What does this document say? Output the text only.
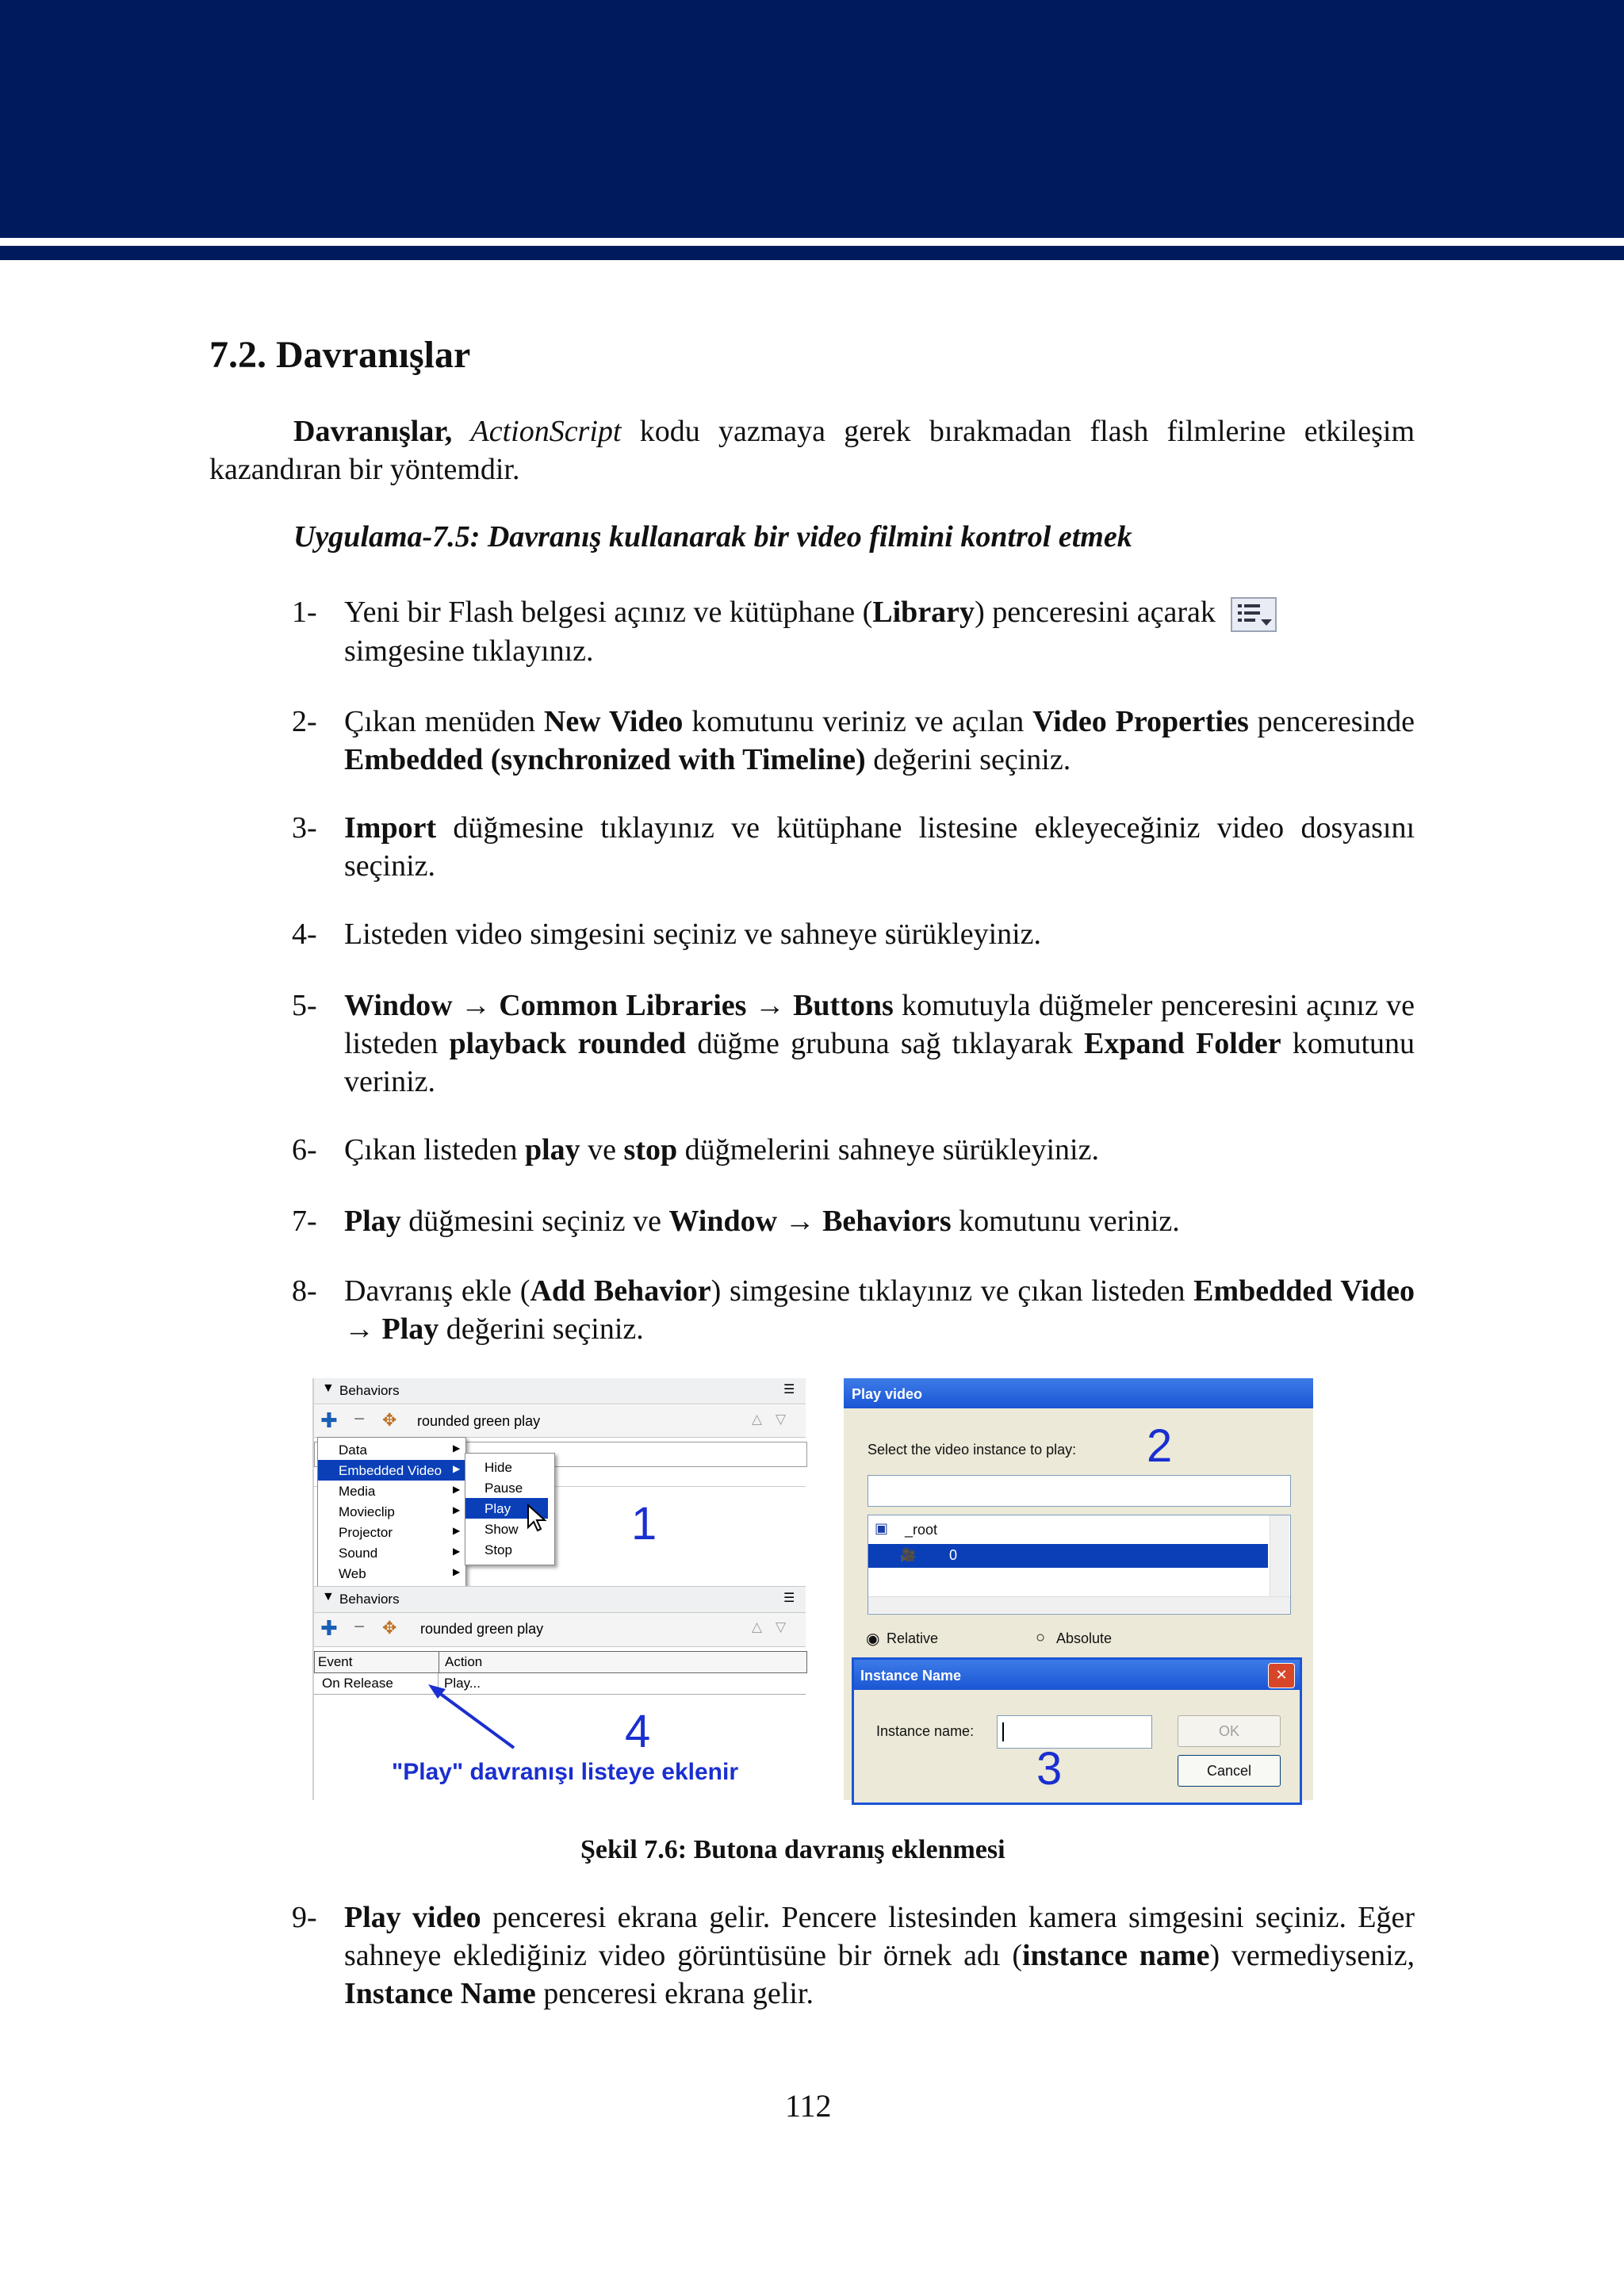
7.2. Davranışlar

Davranışlar, ActionScript kodu yazmaya gerek bırakmadan flash filmlerine etkileşim kazandıran bir yöntemdir.

Uygulama-7.5: Davranış kullanarak bir video filmini kontrol etmek

1- Yeni bir Flash belgesi açınız ve kütüphane (Library) penceresini açarak
simgesine tıklayınız.
2- Çıkan menüden New Video komutunu veriniz ve açılan Video Properties penceresinde Embedded (synchronized with Timeline) değerini seçiniz.
3- Import düğmesine tıklayınız ve kütüphane listesine ekleyeceğiniz video dosyasını seçiniz.
4- Listeden video simgesini seçiniz ve sahneye sürükleyiniz.
5- Window → Common Libraries → Buttons komutuyla düğmeler penceresini açınız ve listeden playback rounded düğme grubuna sağ tıklayarak Expand Folder komutunu veriniz.
6- Çıkan listeden play ve stop düğmelerini sahneye sürükleyiniz.
7- Play düğmesini seçiniz ve Window → Behaviors komutunu veriniz.
8- Davranış ekle (Add Behavior) simgesine tıklayınız ve çıkan listeden Embedded Video → Play değerini seçiniz.
▼ Behaviors	☰
✚ − ✥ rounded green play	△ ▽
Data	▶
Embedded Video ▶
Media	▶
Movieclip	▶
Projector	▶
Sound	▶
Web	▶
Hide
Pause
Play
Show
Stop
1
▼ Behaviors	☰
✚ − ✥ rounded green play	△ ▽
Event	Action
On Release	Play...
4
"Play" davranışı listeye eklenir
Play video
Select the video instance to play: 2
▣ _root
🎥 0
◉ Relative	○ Absolute
Instance Name	✕
Instance name:	OK
Cancel
3

Şekil 7.6: Butona davranış eklenmesi

9- Play video penceresi ekrana gelir. Pencere listesinden kamera simgesini seçiniz. Eğer sahneye eklediğiniz video görüntüsüne bir örnek adı (instance name) vermediyseniz, Instance Name penceresi ekrana gelir.

112
